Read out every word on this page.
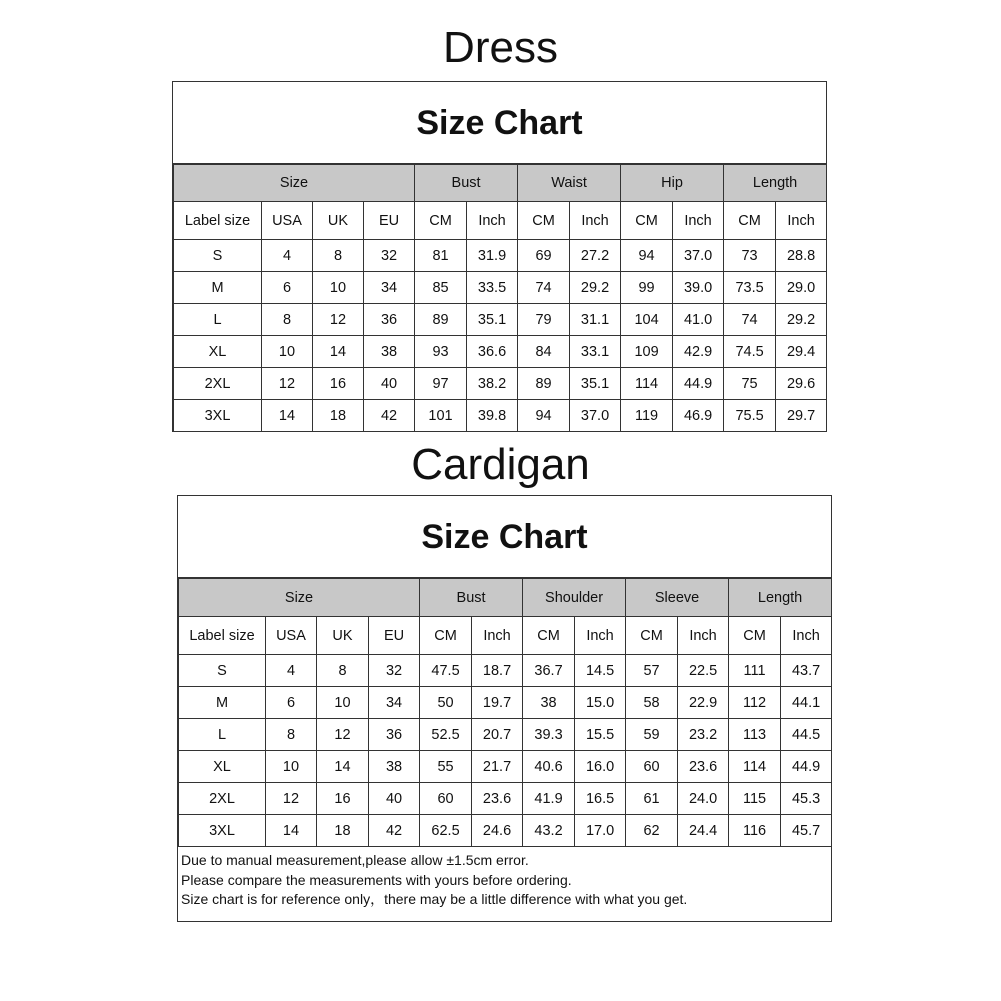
Dress
Size Chart
Size				Bust		Waist		Hip		Length	
Label size	USA	UK	EU	CM	Inch	CM	Inch	CM	Inch	CM	Inch
S	4	8	32	81	31.9	69	27.2	94	37.0	73	28.8
M	6	10	34	85	33.5	74	29.2	99	39.0	73.5	29.0
L	8	12	36	89	35.1	79	31.1	104	41.0	74	29.2
XL	10	14	38	93	36.6	84	33.1	109	42.9	74.5	29.4
2XL	12	16	40	97	38.2	89	35.1	114	44.9	75	29.6
3XL	14	18	42	101	39.8	94	37.0	119	46.9	75.5	29.7
Cardigan
Size Chart
Size				Bust		Shoulder		Sleeve		Length	
Label size	USA	UK	EU	CM	Inch	CM	Inch	CM	Inch	CM	Inch
S	4	8	32	47.5	18.7	36.7	14.5	57	22.5	111	43.7
M	6	10	34	50	19.7	38	15.0	58	22.9	112	44.1
L	8	12	36	52.5	20.7	39.3	15.5	59	23.2	113	44.5
XL	10	14	38	55	21.7	40.6	16.0	60	23.6	114	44.9
2XL	12	16	40	60	23.6	41.9	16.5	61	24.0	115	45.3
3XL	14	18	42	62.5	24.6	43.2	17.0	62	24.4	116	45.7
Due to manual measurement,please allow ±1.5cm error.
Please compare the measurements with yours before ordering.
Size chart is for reference only，there may be a little difference with what you get.
